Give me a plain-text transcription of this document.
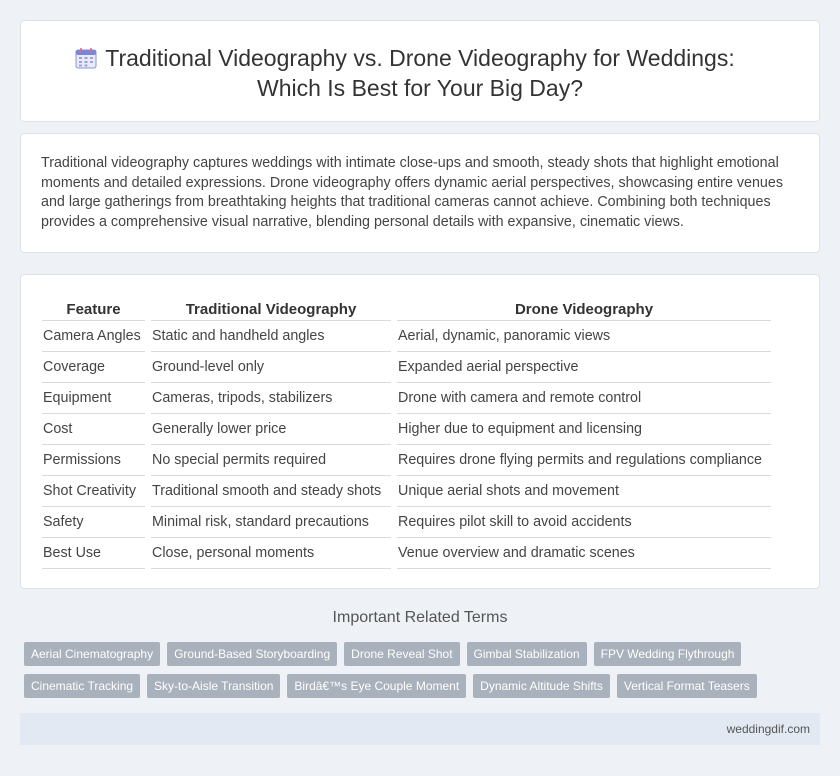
Traditional Videography vs. Drone Videography for Weddings:
Which Is Best for Your Big Day?

Traditional videography captures weddings with intimate close-ups and smooth, steady shots that highlight emotional moments and detailed expressions. Drone videography offers dynamic aerial perspectives, showcasing entire venues and large gatherings from breathtaking heights that traditional cameras cannot achieve. Combining both techniques provides a comprehensive visual narrative, blending personal details with expansive, cinematic views.

Feature	Traditional Videography	Drone Videography
Camera Angles	Static and handheld angles	Aerial, dynamic, panoramic views
Coverage	Ground-level only	Expanded aerial perspective
Equipment	Cameras, tripods, stabilizers	Drone with camera and remote control
Cost	Generally lower price	Higher due to equipment and licensing
Permissions	No special permits required	Requires drone flying permits and regulations compliance
Shot Creativity	Traditional smooth and steady shots	Unique aerial shots and movement
Safety	Minimal risk, standard precautions	Requires pilot skill to avoid accidents
Best Use	Close, personal moments	Venue overview and dramatic scenes
Important Related Terms
Aerial Cinematography	Ground-Based Storyboarding	Drone Reveal Shot	Gimbal Stabilization	FPV Wedding Flythrough
Cinematic Tracking	Sky-to-Aisle Transition	Birdâ€™s Eye Couple Moment	Dynamic Altitude Shifts	Vertical Format Teasers
weddingdif.com
